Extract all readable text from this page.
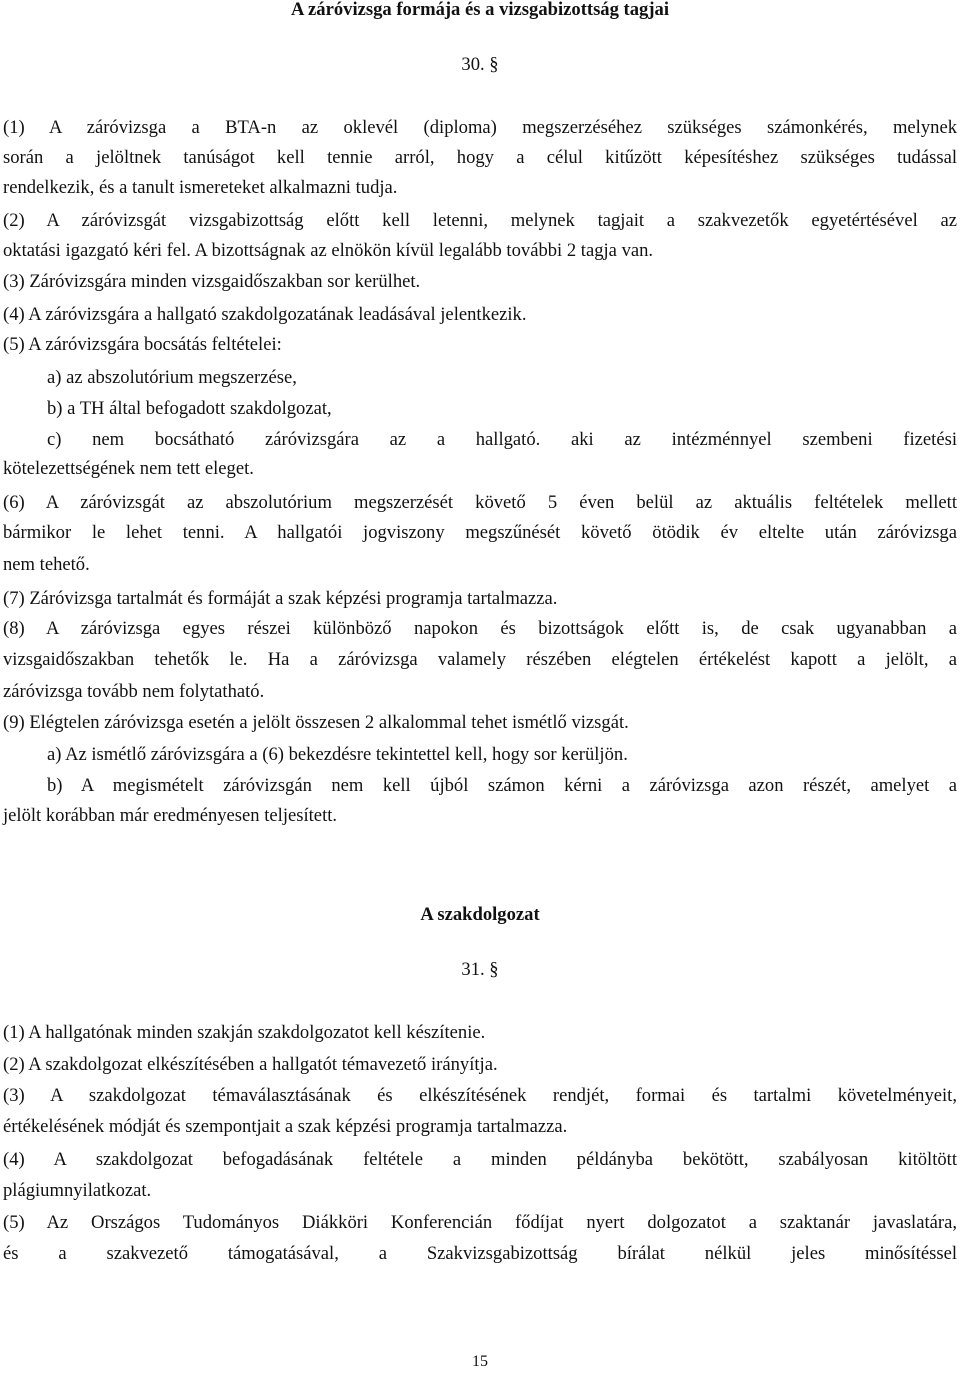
A záróvizsga formája és a vizsgabizottság tagjai
30. §
(1) A záróvizsga a BTA-n az oklevél (diploma) megszerzéséhez szükséges számonkérés, melynek
során a jelöltnek tanúságot kell tennie arról, hogy a célul kitűzött képesítéshez szükséges tudással
rendelkezik, és a tanult ismereteket alkalmazni tudja.
(2) A záróvizsgát vizsgabizottság előtt kell letenni, melynek tagjait a szakvezetők egyetértésével az
oktatási igazgató kéri fel. A bizottságnak az elnökön kívül legalább további 2 tagja van.
(3) Záróvizsgára minden vizsgaidőszakban sor kerülhet.
(4) A záróvizsgára a hallgató szakdolgozatának leadásával jelentkezik.
(5) A záróvizsgára bocsátás feltételei:
a) az abszolutórium megszerzése,
b) a TH által befogadott szakdolgozat,
c) nem bocsátható záróvizsgára az a hallgató. aki az intézménnyel szembeni fizetési
kötelezettségének nem tett eleget.
(6) A záróvizsgát az abszolutórium megszerzését követő 5 éven belül az aktuális feltételek mellett
bármikor le lehet tenni. A hallgatói jogviszony megszűnését követő ötödik év eltelte után záróvizsga
nem tehető.
(7) Záróvizsga tartalmát és formáját a szak képzési programja tartalmazza.
(8) A záróvizsga egyes részei különböző napokon és bizottságok előtt is, de csak ugyanabban a
vizsgaidőszakban tehetők le. Ha a záróvizsga valamely részében elégtelen értékelést kapott a jelölt, a
záróvizsga tovább nem folytatható.
(9) Elégtelen záróvizsga esetén a jelölt összesen 2 alkalommal tehet ismétlő vizsgát.
a) Az ismétlő záróvizsgára a (6) bekezdésre tekintettel kell, hogy sor kerüljön.
b) A megismételt záróvizsgán nem kell újból számon kérni a záróvizsga azon részét, amelyet a
jelölt korábban már eredményesen teljesített.
A szakdolgozat
31. §
(1) A hallgatónak minden szakján szakdolgozatot kell készítenie.
(2) A szakdolgozat elkészítésében a hallgatót témavezető irányítja.
(3) A szakdolgozat témaválasztásának és elkészítésének rendjét, formai és tartalmi követelményeit,
értékelésének módját és szempontjait a szak képzési programja tartalmazza.
(4) A szakdolgozat befogadásának feltétele a minden példányba bekötött, szabályosan kitöltött
plágiumnyilatkozat.
(5) Az Országos Tudományos Diákköri Konferencián fődíjat nyert dolgozatot a szaktanár javaslatára,
és a szakvezető támogatásával, a Szakvizsgabizottság bírálat nélkül jeles minősítéssel
15
